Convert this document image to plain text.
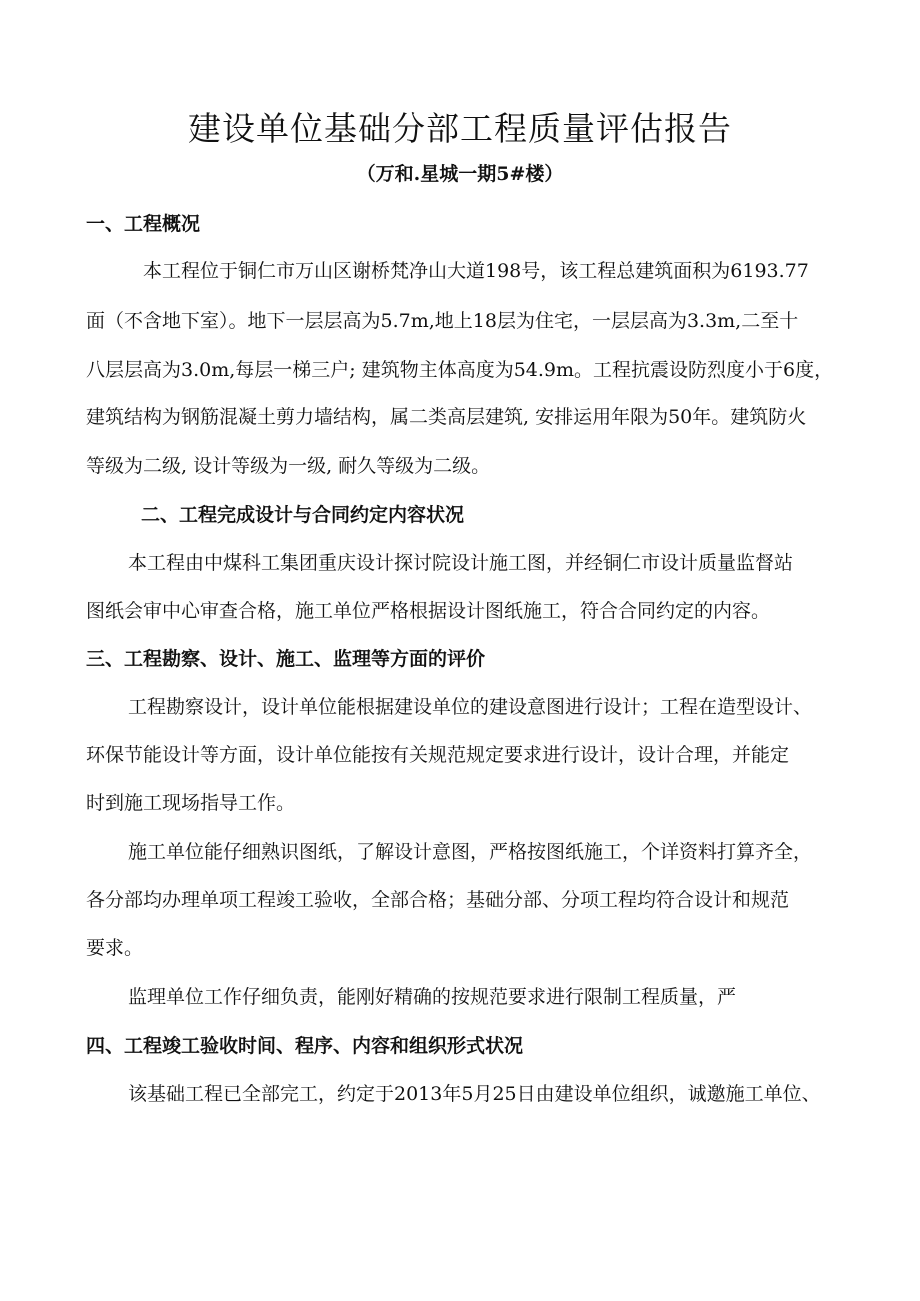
建设单位基础分部工程质量评估报告
（万和.星城一期5#楼）
一、工程概况
本工程位于铜仁市万山区谢桥梵净山大道198号，该工程总建筑面积为6193.77
面（不含地下室）。地下一层层高为5.7m,地上18层为住宅，一层层高为3.3m,二至十
八层层高为3.0m,每层一梯三户; 建筑物主体高度为54.9m。工程抗震设防烈度小于6度，
建筑结构为钢筋混凝土剪力墙结构，属二类高层建筑, 安排运用年限为50年。建筑防火
等级为二级, 设计等级为一级, 耐久等级为二级。
二、工程完成设计与合同约定内容状况
本工程由中煤科工集团重庆设计探讨院设计施工图，并经铜仁市设计质量监督站
图纸会审中心审查合格，施工单位严格根据设计图纸施工，符合合同约定的内容。
三、工程勘察、设计、施工、监理等方面的评价
工程勘察设计，设计单位能根据建设单位的建设意图进行设计；工程在造型设计、
环保节能设计等方面，设计单位能按有关规范规定要求进行设计，设计合理，并能定
时到施工现场指导工作。
施工单位能仔细熟识图纸，了解设计意图，严格按图纸施工，个详资料打算齐全，
各分部均办理单项工程竣工验收，全部合格；基础分部、分项工程均符合设计和规范
要求。
监理单位工作仔细负责，能刚好精确的按规范要求进行限制工程质量，严
四、工程竣工验收时间、程序、内容和组织形式状况
该基础工程已全部完工，约定于2013年5月25日由建设单位组织，诚邀施工单位、
